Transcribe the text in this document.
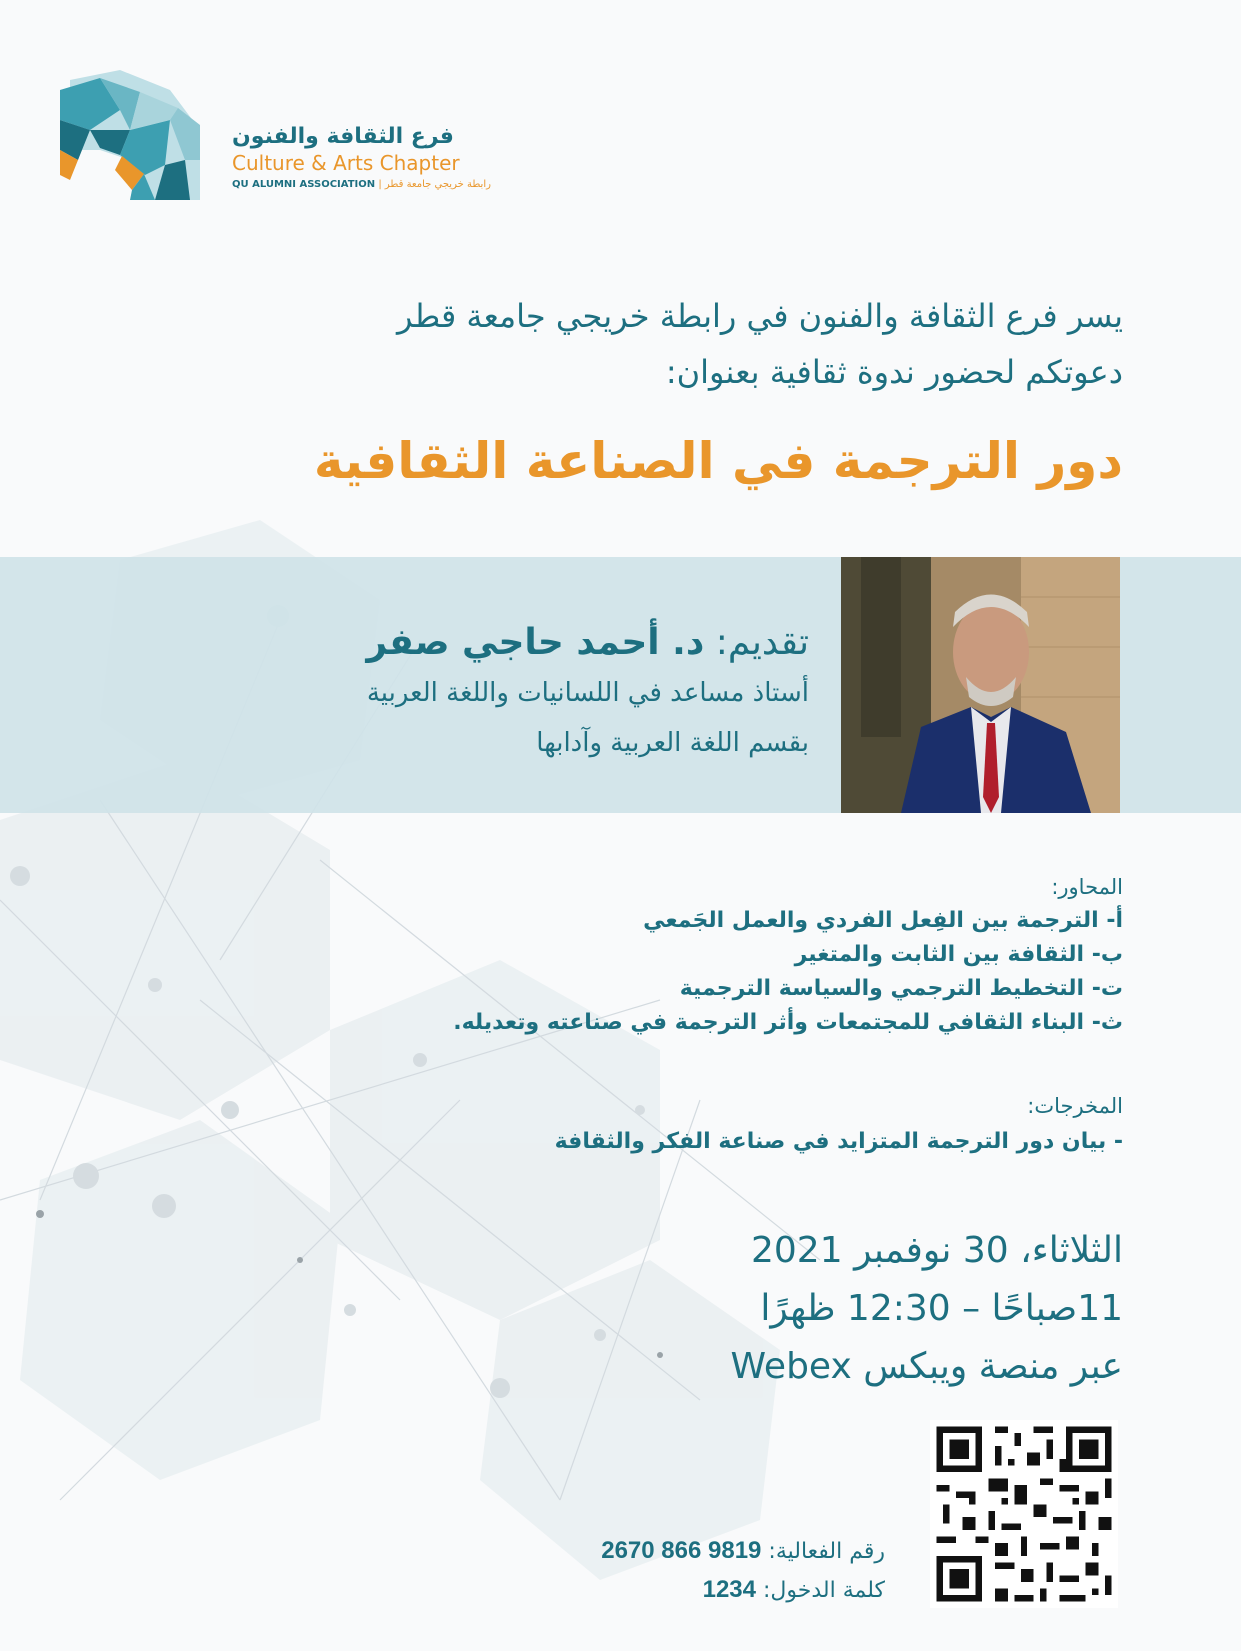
فرع الثقافة والفنون
Culture & Arts Chapter
QU ALUMNI ASSOCIATION | رابطة خريجي جامعة قطر
يسر فرع الثقافة والفنون في رابطة خريجي جامعة قطر
دعوتكم لحضور ندوة ثقافية بعنوان:
دور الترجمة في الصناعة الثقافية
تقديم: د. أحمد حاجي صفر
أستاذ مساعد في اللسانيات واللغة العربية
بقسم اللغة العربية وآدابها
المحاور:
أ- الترجمة بين الفِعل الفردي والعمل الجَمعي
ب- الثقافة بين الثابت والمتغير
ت- التخطيط الترجمي والسياسة الترجمية
ث- البناء الثقافي للمجتمعات وأثر الترجمة في صناعته وتعديله.
المخرجات:
- بيان دور الترجمة المتزايد في صناعة الفكر والثقافة
الثلاثاء، 30 نوفمبر 2021
11صباحًا – 12:30 ظهرًا
عبر منصة ويبكس Webex
رقم الفعالية: 2670 866 9819
كلمة الدخول: 1234
